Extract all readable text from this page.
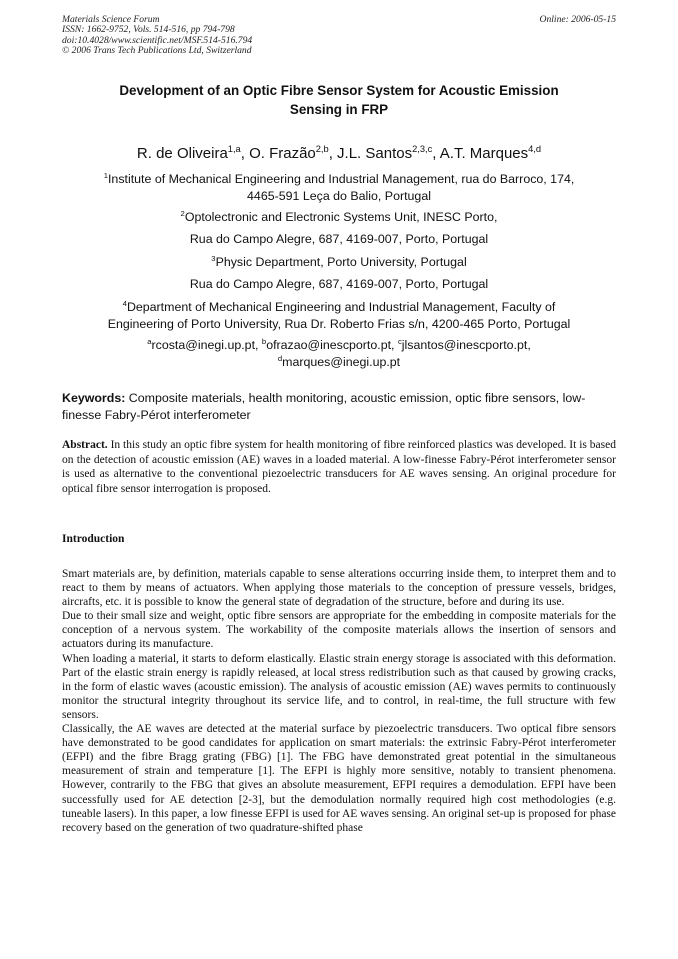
Materials Science Forum
ISSN: 1662-9752, Vols. 514-516, pp 794-798
doi:10.4028/www.scientific.net/MSF.514-516.794
© 2006 Trans Tech Publications Ltd, Switzerland
Online: 2006-05-15
Development of an Optic Fibre Sensor System for Acoustic Emission
Sensing in FRP
R. de Oliveira$^{1,a}$, O. Frazão$^{2,b}$, J.L. Santos$^{2,3,c}$, A.T. Marques$^{4,d}$
$^1$Institute of Mechanical Engineering and Industrial Management, rua do Barroco, 174,
4465-591 Leça do Balio, Portugal
$^2$Optolectronic and Electronic Systems Unit, INESC Porto,
Rua do Campo Alegre, 687, 4169-007, Porto, Portugal
$^3$Physic Department, Porto University, Portugal
Rua do Campo Alegre, 687, 4169-007, Porto, Portugal
$^4$Department of Mechanical Engineering and Industrial Management, Faculty of
Engineering of Porto University, Rua Dr. Roberto Frias s/n, 4200-465 Porto, Portugal
$^a$rcosta@inegi.up.pt, $^b$ofrazao@inescporto.pt, $^c$jlsantos@inescporto.pt,
$^d$marques@inegi.up.pt
Keywords: Composite materials, health monitoring, acoustic emission, optic fibre sensors, low-finesse Fabry-Pérot interferometer
Abstract. In this study an optic fibre system for health monitoring of fibre reinforced plastics was developed. It is based on the detection of acoustic emission (AE) waves in a loaded material. A low-finesse Fabry-Pérot interferometer sensor is used as alternative to the conventional piezoelectric transducers for AE waves sensing. An original procedure for optical fibre sensor interrogation is proposed.
Introduction

Smart materials are, by definition, materials capable to sense alterations occurring inside them, to interpret them and to react to them by means of actuators. When applying those materials to the conception of pressure vessels, bridges, aircrafts, etc. it is possible to know the general state of degradation of the structure, before and during its use.

Due to their small size and weight, optic fibre sensors are appropriate for the embedding in composite materials for the conception of a nervous system. The workability of the composite materials allows the insertion of sensors and actuators during its manufacture.

When loading a material, it starts to deform elastically. Elastic strain energy storage is associated with this deformation. Part of the elastic strain energy is rapidly released, at local stress redistribution such as that caused by growing cracks, in the form of elastic waves (acoustic emission). The analysis of acoustic emission (AE) waves permits to continuously monitor the structural integrity throughout its service life, and to control, in real-time, the full structure with few sensors.

Classically, the AE waves are detected at the material surface by piezoelectric transducers. Two optical fibre sensors have demonstrated to be good candidates for application on smart materials: the extrinsic Fabry-Pérot interferometer (EFPI) and the fibre Bragg grating (FBG) [1]. The FBG have demonstrated great potential in the simultaneous measurement of strain and temperature [1]. The EFPI is highly more sensitive, notably to transient phenomena. However, contrarily to the FBG that gives an absolute measurement, EFPI requires a demodulation. EFPI have been successfully used for AE detection [2-3], but the demodulation normally required high cost methodologies (e.g. tuneable lasers). In this paper, a low finesse EFPI is used for AE waves sensing. An original set-up is proposed for phase recovery based on the generation of two quadrature-shifted phase
